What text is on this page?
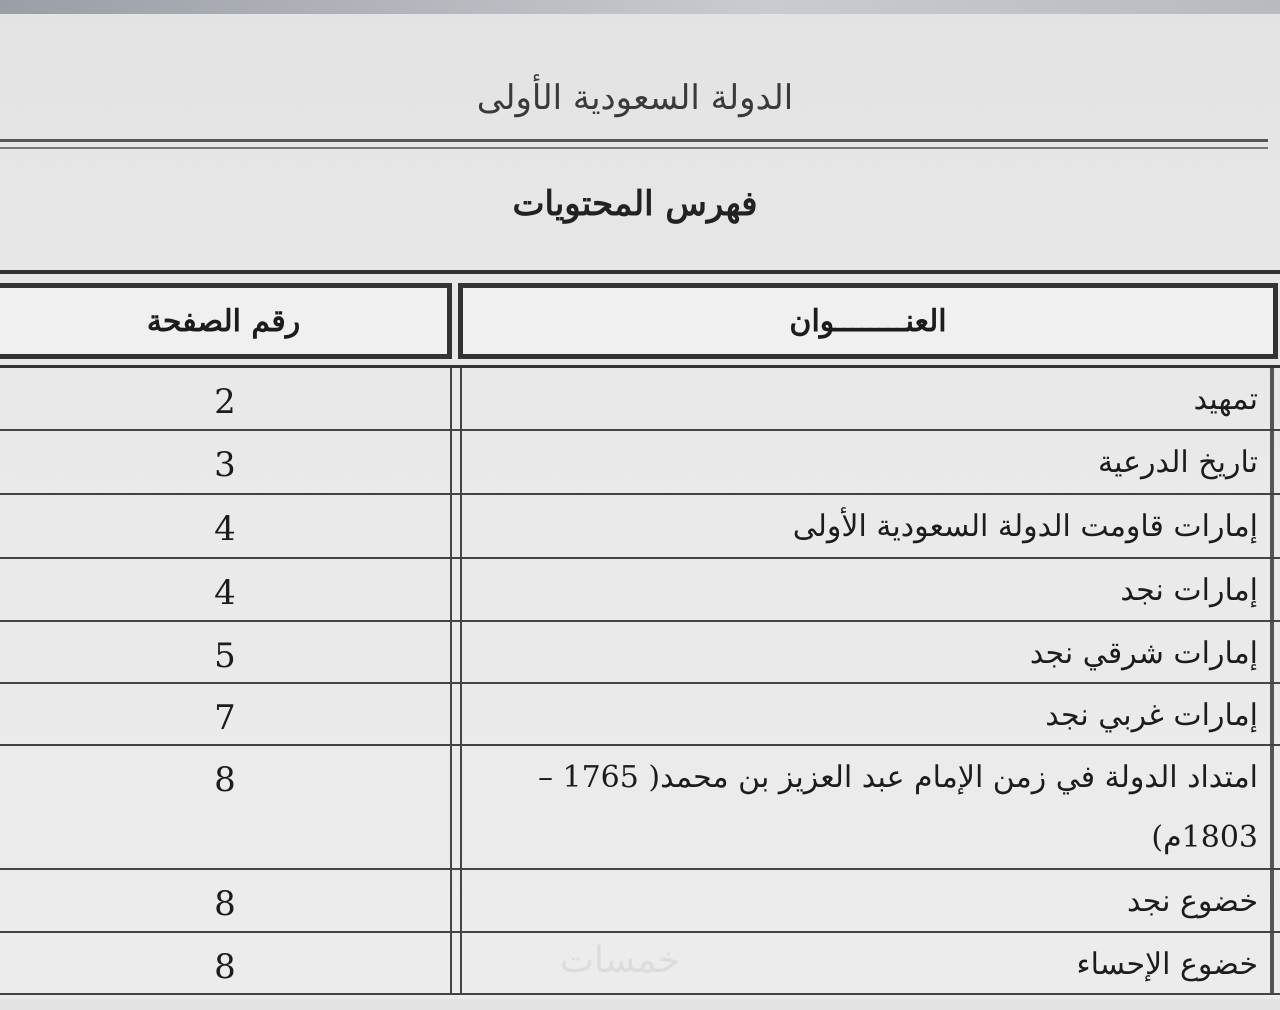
الدولة السعودية الأولى
فهرس المحتويات
رقم الصفحة	العنــــــــوان
2	تمهيد
3	تاريخ الدرعية
4	إمارات قاومت الدولة السعودية الأولى
4	إمارات نجد
5	إمارات شرقي نجد
7	إمارات غربي نجد
8	امتداد الدولة في زمن الإمام عبد العزيز بن محمد( 1765 – 1803م)
8	خضوع نجد
8	خضوع الإحساء
خمسات
